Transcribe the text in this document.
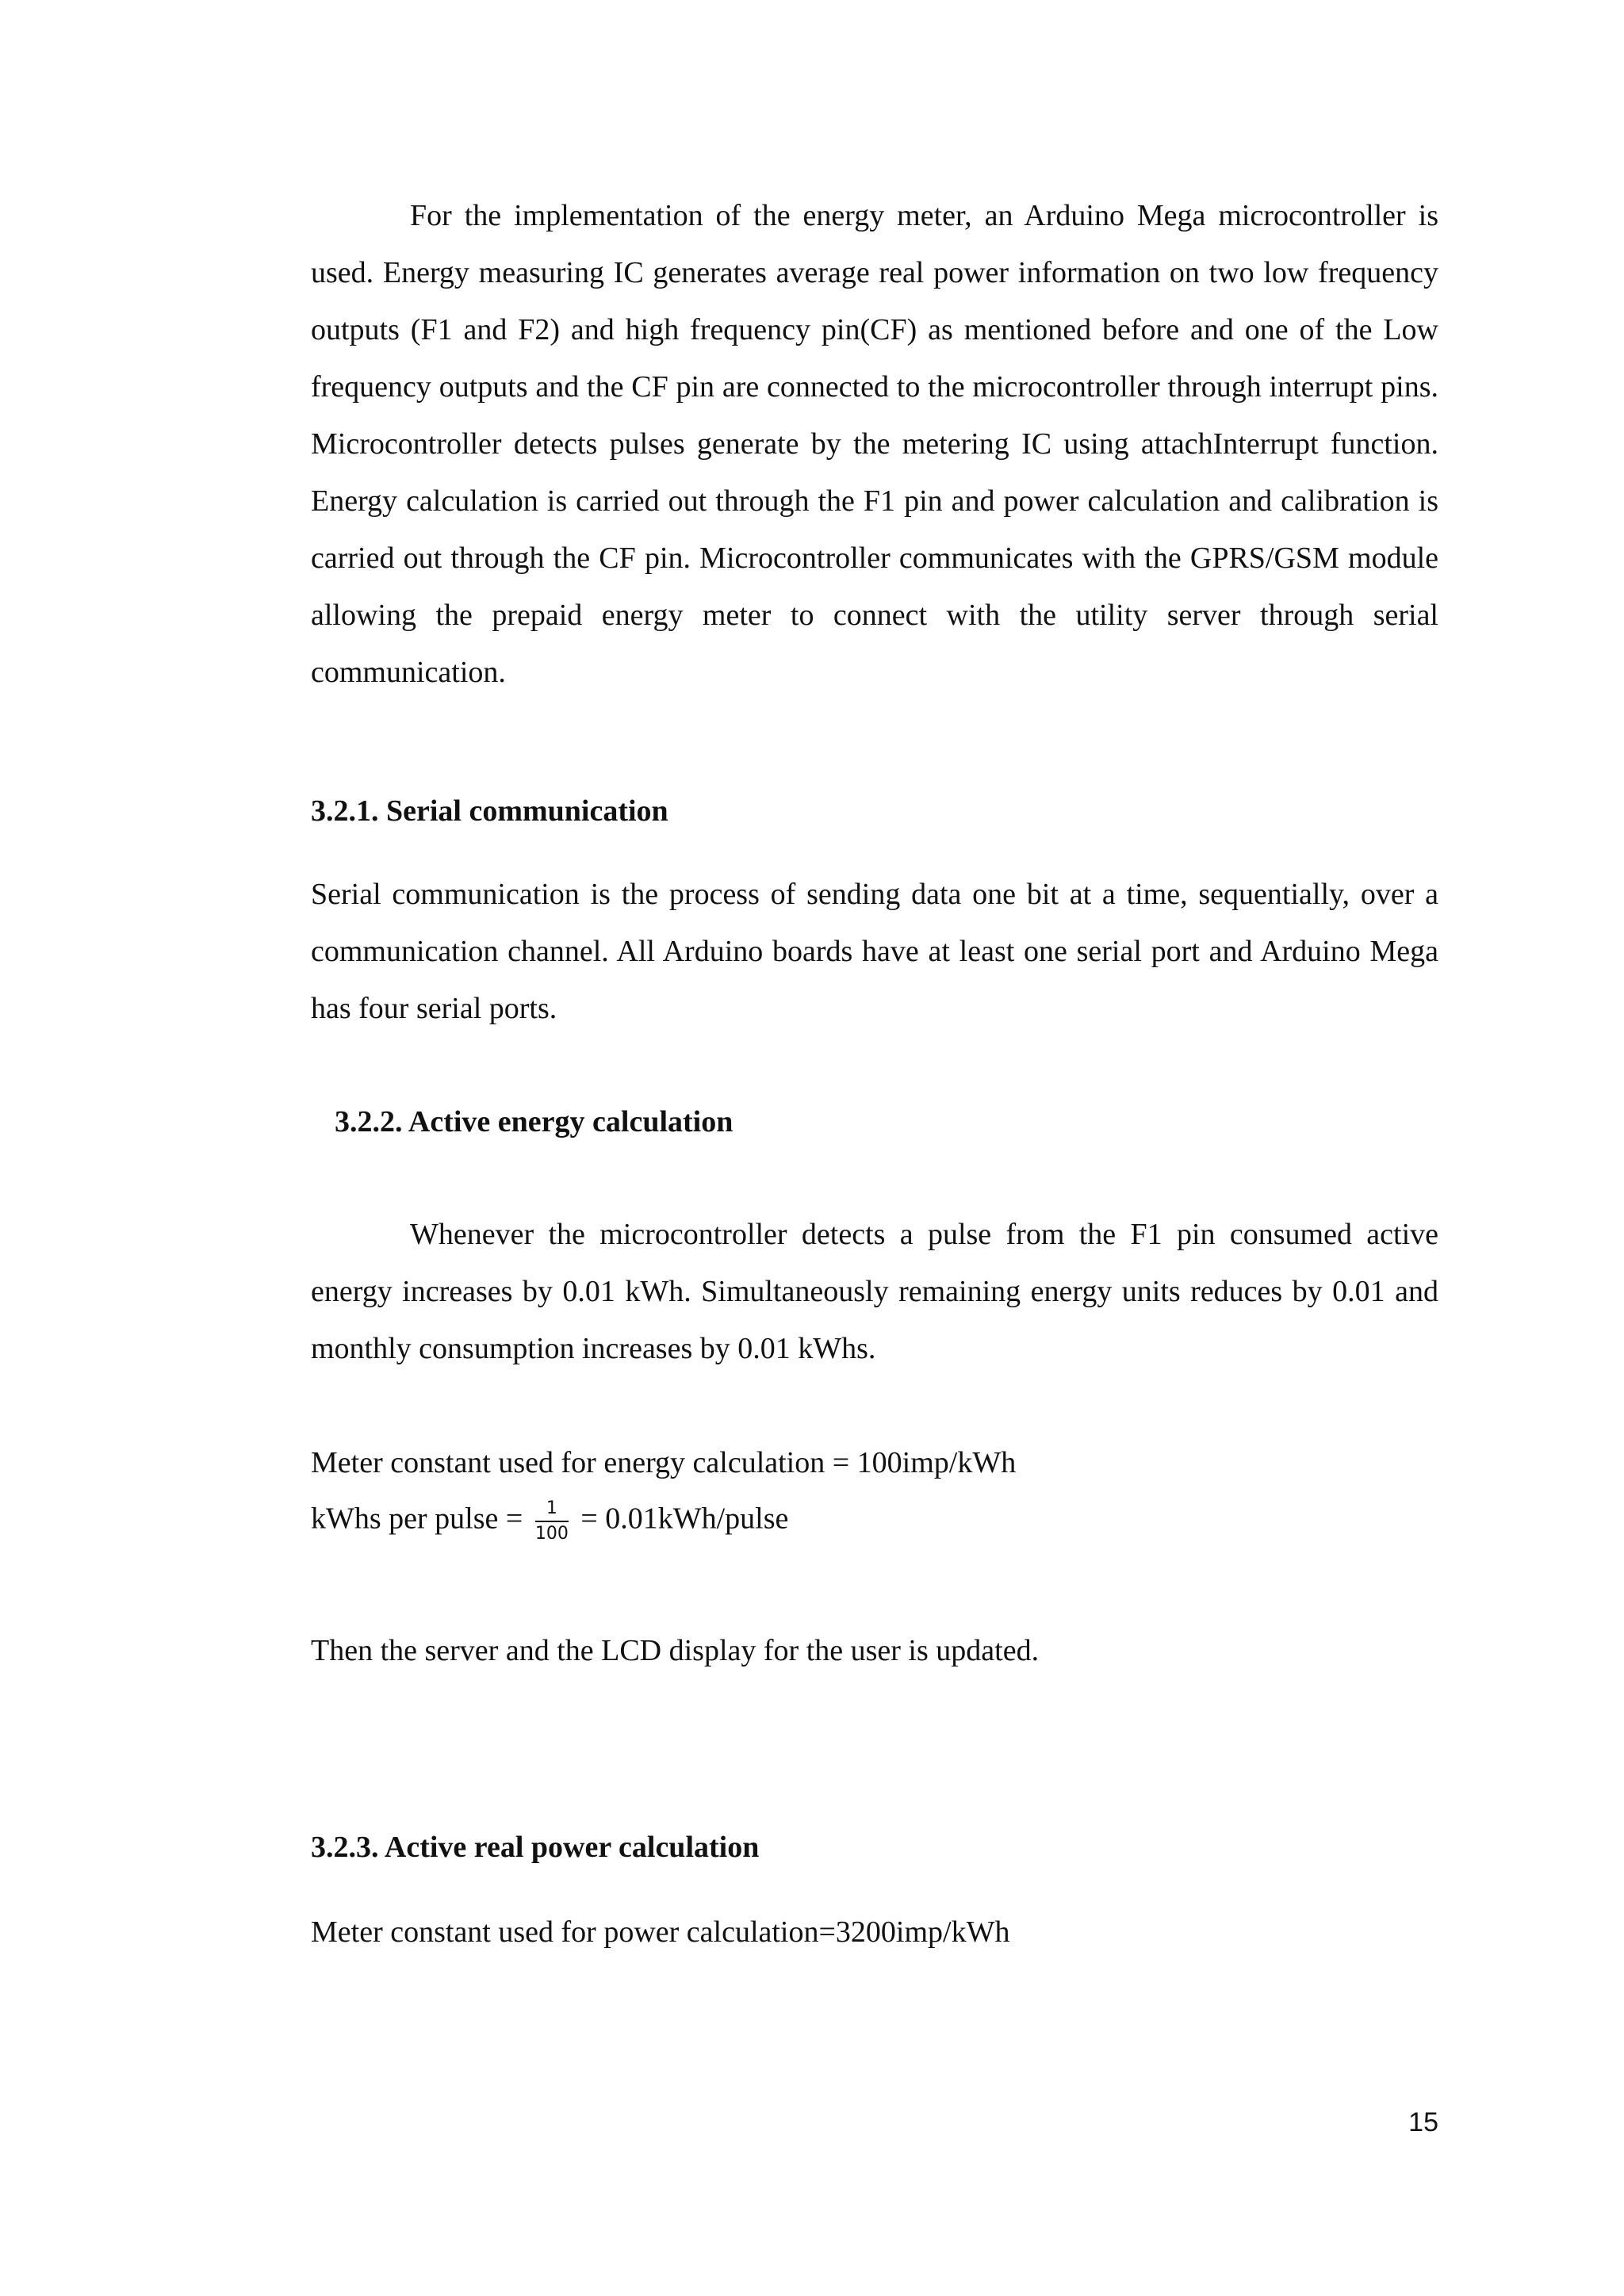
For the implementation of the energy meter, an Arduino Mega microcontroller is used. Energy measuring IC generates average real power information on two low frequency outputs (F1 and F2) and high frequency pin(CF) as mentioned before and one of the Low frequency outputs and the CF pin are connected to the microcontroller through interrupt pins. Microcontroller detects pulses generate by the metering IC using attachInterrupt function. Energy calculation is carried out through the F1 pin and power calculation and calibration is carried out through the CF pin. Microcontroller communicates with the GPRS/GSM module allowing the prepaid energy meter to connect with the utility server through serial communication.

3.2.1. Serial communication

Serial communication is the process of sending data one bit at a time, sequentially, over a communication channel. All Arduino boards have at least one serial port and Arduino Mega has four serial ports.

3.2.2. Active energy calculation

Whenever the microcontroller detects a pulse from the F1 pin consumed active energy increases by 0.01 kWh. Simultaneously remaining energy units reduces by 0.01 and monthly consumption increases by 0.01 kWhs.

Meter constant used for energy calculation = 100imp/kWh
kWhs per pulse = $\frac{1}{100}$ = 0.01kWh/pulse
Then the server and the LCD display for the user is updated.
3.2.3. Active real power calculation
Meter constant used for power calculation=3200imp/kWh
15
